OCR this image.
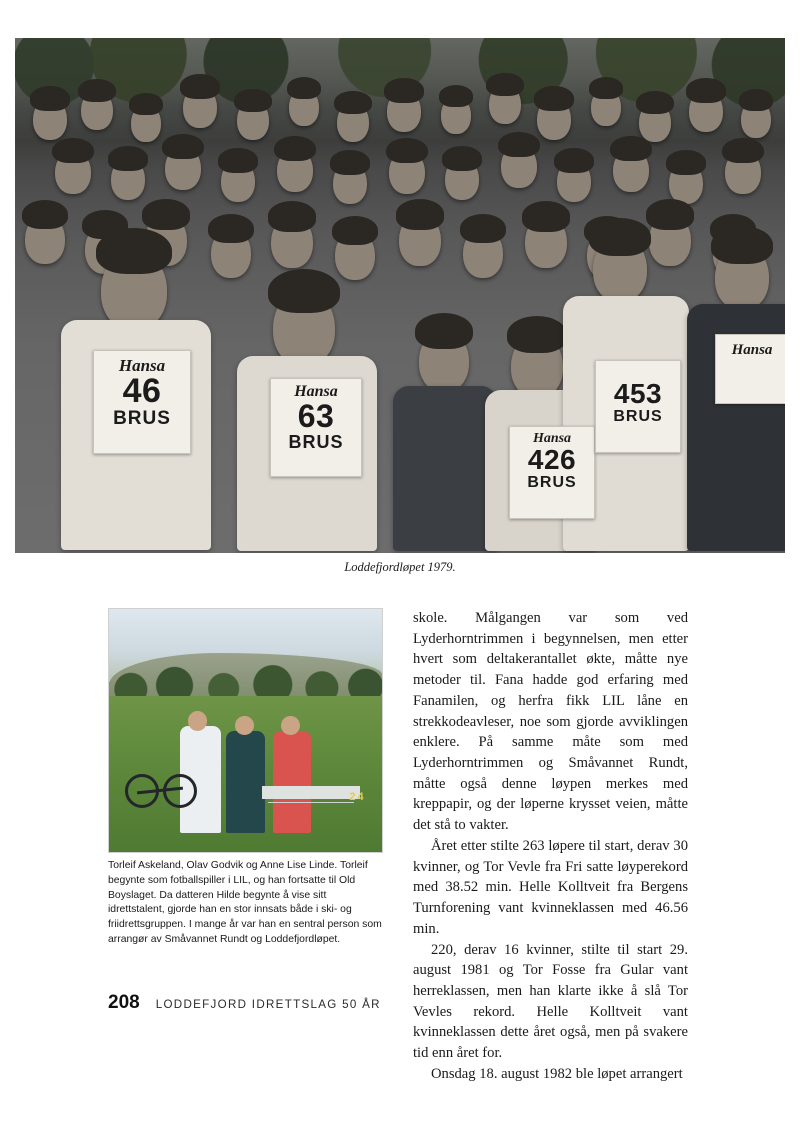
Hansa
46
BRUS
Hansa
63
BRUS	Hansa
426
BRUS
453
BRUS
Hansa
Loddefjordløpet 1979.
24
Torleif Askeland, Olav Godvik og Anne Lise Linde. Torleif begynte som fotballspiller i LIL, og han fortsatte til Old Boyslaget. Da datteren Hilde begynte å vise sitt idrettstalent, gjorde han en stor innsats både i ski- og friidrettsgruppen. I mange år var han en sentral person som arrangør av Småvannet Rundt og Loddefjordløpet.

skole. Målgangen var som ved Lyderhorntrimmen i begynnelsen, men etter hvert som deltakerantallet økte, måtte nye metoder til. Fana hadde god erfaring med Fanamilen, og herfra fikk LIL låne en strekkodeavleser, noe som gjorde avviklingen enklere. På samme måte som med Lyderhorntrimmen og Småvannet Rundt, måtte også denne løypen merkes med kreppapir, og der løperne krysset veien, måtte det stå to vakter.

Året etter stilte 263 løpere til start, derav 30 kvinner, og Tor Vevle fra Fri satte løyperekord med 38.52 min. Helle Kolltveit fra Bergens Turnforening vant kvinneklassen med 46.56 min.

220, derav 16 kvinner, stilte til start 29. august 1981 og Tor Fosse fra Gular vant herreklassen, men han klarte ikke å slå Tor Vevles rekord. Helle Kolltveit vant kvinneklassen dette året også, men på svakere tid enn året for.

Onsdag 18. august 1982 ble løpet arrangert

208 LODDEFJORD IDRETTSLAG 50 ÅR
